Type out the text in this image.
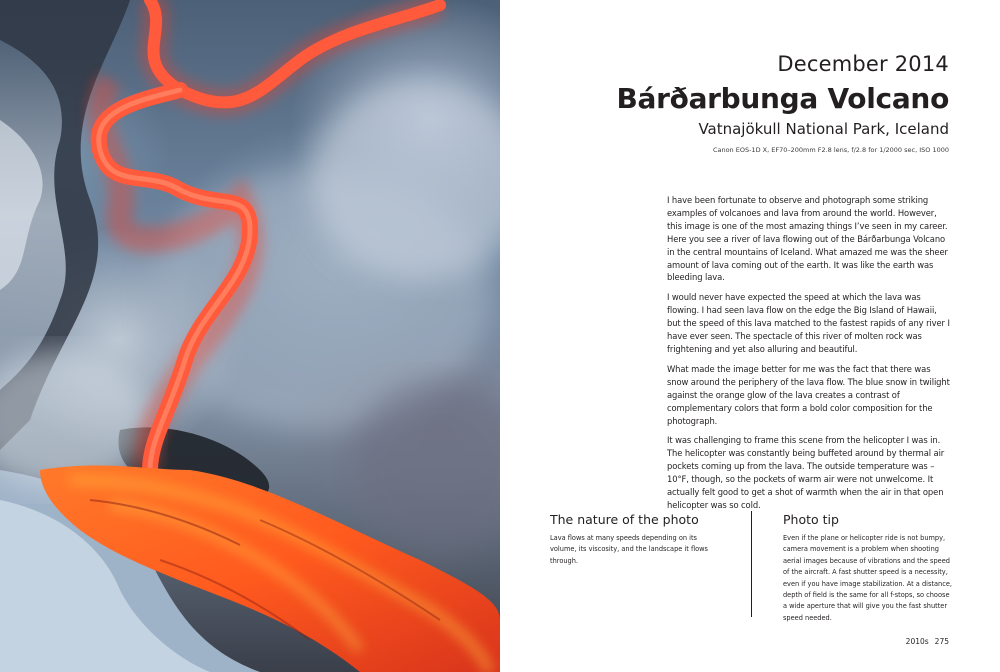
December 2014
Bárðarbunga Volcano
Vatnajökull National Park, Iceland
Canon EOS-1D X, EF70–200mm F2.8 lens, f/2.8 for 1/2000 sec, ISO 1000

I have been fortunate to observe and photograph some striking examples of volcanoes and lava from around the world. However, this image is one of the most amazing things I’ve seen in my career. Here you see a river of lava flowing out of the Bárðarbunga Volcano in the central mountains of Iceland. What amazed me was the sheer amount of lava coming out of the earth. It was like the earth was bleeding lava.

I would never have expected the speed at which the lava was flowing. I had seen lava flow on the edge the Big Island of Hawaii, but the speed of this lava matched to the fastest rapids of any river I have ever seen. The spectacle of this river of molten rock was frightening and yet also alluring and beautiful.

What made the image better for me was the fact that there was snow around the periphery of the lava flow. The blue snow in twilight against the orange glow of the lava creates a contrast of complementary colors that form a bold color composition for the photograph.

It was challenging to frame this scene from the helicopter I was in. The helicopter was constantly being buffeted around by thermal air pockets coming up from the lava. The outside temperature was –10°F, though, so the pockets of warm air were not unwelcome. It actually felt good to get a shot of warmth when the air in that open helicopter was so cold.

The nature of the photo

Lava flows at many speeds depending on its volume, its viscosity, and the landscape it flows through.

Photo tip

Even if the plane or helicopter ride is not bumpy, camera movement is a problem when shooting aerial images because of vibrations and the speed of the aircraft. A fast shutter speed is a necessity, even if you have image stabilization. At a distance, depth of field is the same for all f-stops, so choose a wide aperture that will give you the fast shutter speed needed.

2010s 275
